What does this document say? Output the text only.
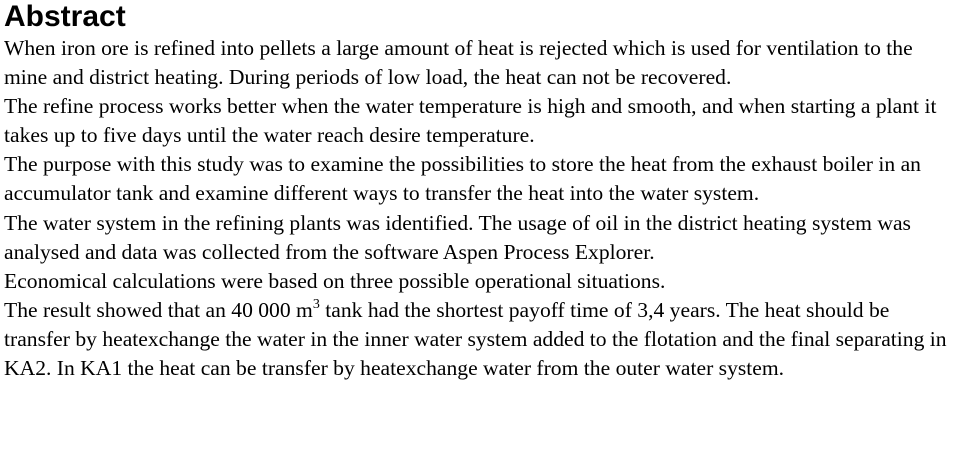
Abstract

When iron ore is refined into pellets a large amount of heat is rejected which is used for ventilation to the mine and district heating. During periods of low load, the heat can not be recovered.

The refine process works better when the water temperature is high and smooth, and when starting a plant it takes up to five days until the water reach desire temperature.

The purpose with this study was to examine the possibilities to store the heat from the exhaust boiler in an accumulator tank and examine different ways to transfer the heat into the water system.

The water system in the refining plants was identified. The usage of oil in the district heating system was analysed and data was collected from the software Aspen Process Explorer.

Economical calculations were based on three possible operational situations.

The result showed that an 40 000 $m^3$ tank had the shortest payoff time of 3,4 years. The heat should be transfer by heatexchange the water in the inner water system added to the flotation and the final separating in KA2. In KA1 the heat can be transfer by heatexchange water from the outer water system.
